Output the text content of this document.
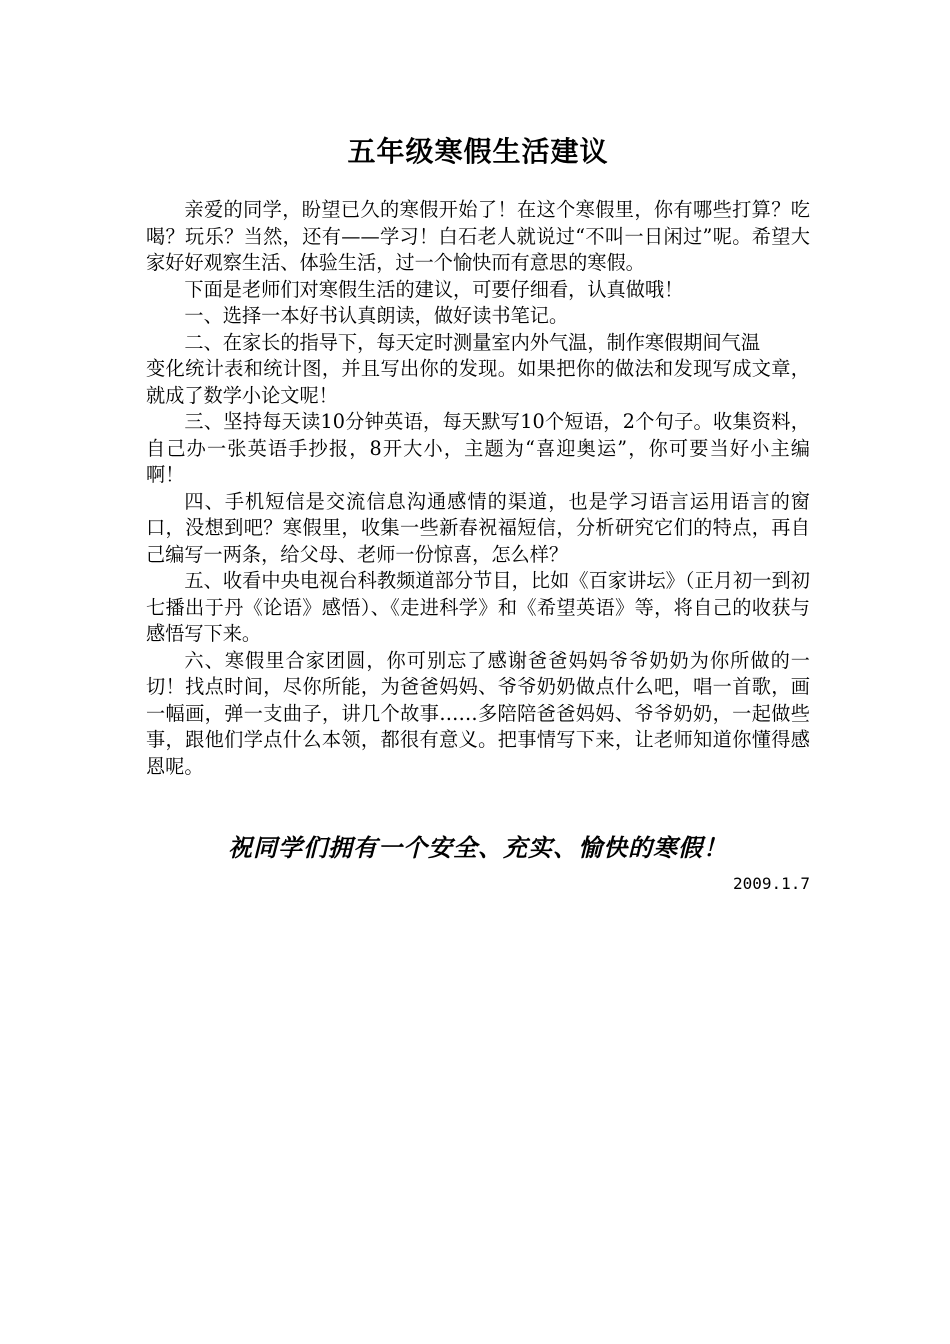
五年级寒假生活建议

亲爱的同学，盼望已久的寒假开始了！在这个寒假里，你有哪些打算？吃喝？玩乐？当然，还有——学习！白石老人就说过“不叫一日闲过”呢。希望大家好好观察生活、体验生活，过一个愉快而有意思的寒假。

下面是老师们对寒假生活的建议，可要仔细看，认真做哦！

一、选择一本好书认真朗读，做好读书笔记。

二、在家长的指导下，每天定时测量室内外气温，制作寒假期间气温

变化统计表和统计图，并且写出你的发现。如果把你的做法和发现写成文章，就成了数学小论文呢！

三、坚持每天读10分钟英语，每天默写10个短语，2个句子。收集资料，自己办一张英语手抄报，8开大小，主题为“喜迎奥运”，你可要当好小主编啊！

四、手机短信是交流信息沟通感情的渠道，也是学习语言运用语言的窗口，没想到吧？寒假里，收集一些新春祝福短信，分析研究它们的特点，再自己编写一两条，给父母、老师一份惊喜，怎么样？

五、收看中央电视台科教频道部分节目，比如《百家讲坛》（正月初一到初七播出于丹《论语》感悟）、《走进科学》和《希望英语》等，将自己的收获与感悟写下来。

六、寒假里合家团圆，你可别忘了感谢爸爸妈妈爷爷奶奶为你所做的一切！找点时间，尽你所能，为爸爸妈妈、爷爷奶奶做点什么吧，唱一首歌，画一幅画，弹一支曲子，讲几个故事……多陪陪爸爸妈妈、爷爷奶奶，一起做些事，跟他们学点什么本领，都很有意义。把事情写下来，让老师知道你懂得感恩呢。

祝同学们拥有一个安全、充实、愉快的寒假！
2009.1.7
